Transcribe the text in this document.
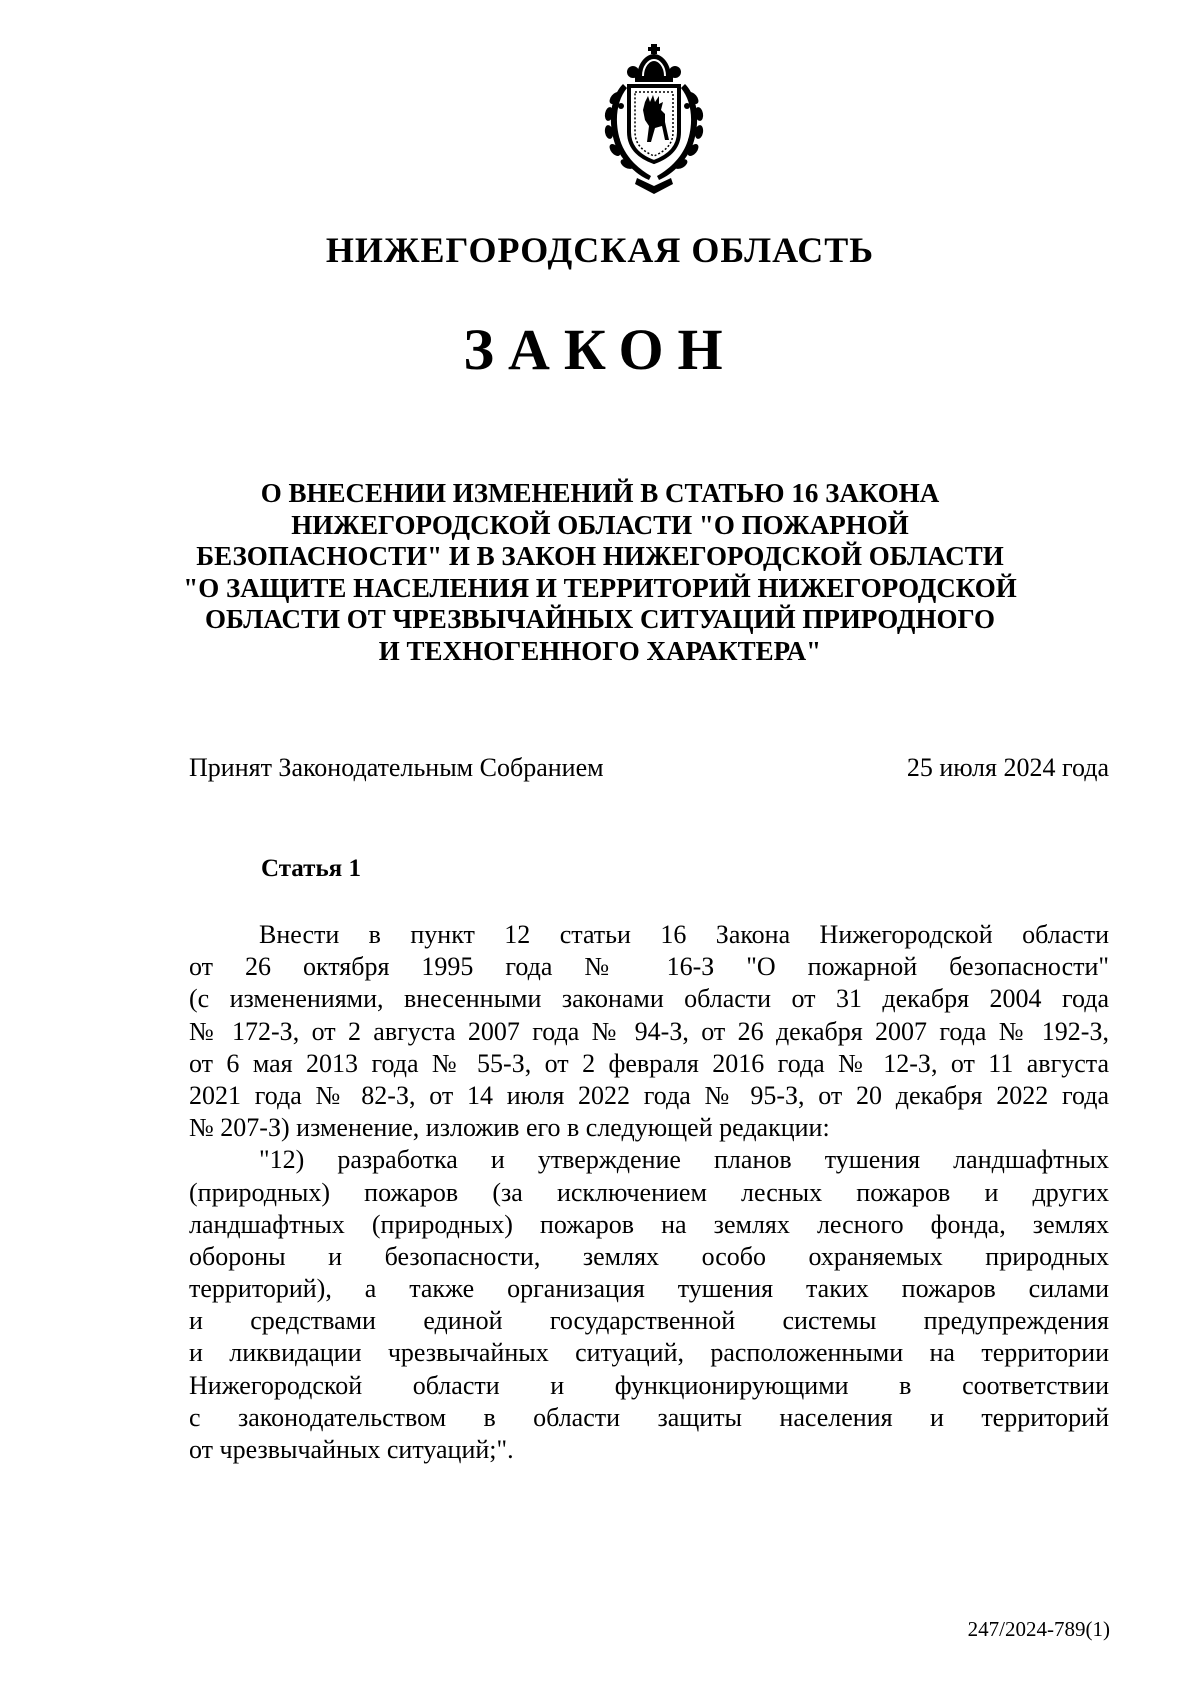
НИЖЕГОРОДСКАЯ ОБЛАСТЬ
ЗАКОН
О ВНЕСЕНИИ ИЗМЕНЕНИЙ В СТАТЬЮ 16 ЗАКОНА
НИЖЕГОРОДСКОЙ ОБЛАСТИ "О ПОЖАРНОЙ
БЕЗОПАСНОСТИ" И В ЗАКОН НИЖЕГОРОДСКОЙ ОБЛАСТИ
"О ЗАЩИТЕ НАСЕЛЕНИЯ И ТЕРРИТОРИЙ НИЖЕГОРОДСКОЙ
ОБЛАСТИ ОТ ЧРЕЗВЫЧАЙНЫХ СИТУАЦИЙ ПРИРОДНОГО
И ТЕХНОГЕННОГО ХАРАКТЕРА"
Принят Законодательным Собранием	25 июля 2024 года
Статья 1
Внести в пункт 12 статьи 16 Закона Нижегородской области
от 26 октября 1995 года № 16-З "О пожарной безопасности"
(с изменениями, внесенными законами области от 31 декабря 2004 года
№ 172-З, от 2 августа 2007 года № 94-З, от 26 декабря 2007 года № 192-З,
от 6 мая 2013 года № 55-З, от 2 февраля 2016 года № 12-З, от 11 августа
2021 года № 82-З, от 14 июля 2022 года № 95-З, от 20 декабря 2022 года
№ 207-З) изменение, изложив его в следующей редакции:
"12) разработка и утверждение планов тушения ландшафтных
(природных) пожаров (за исключением лесных пожаров и других
ландшафтных (природных) пожаров на землях лесного фонда, землях
обороны и безопасности, землях особо охраняемых природных
территорий), а также организация тушения таких пожаров силами
и средствами единой государственной системы предупреждения
и ликвидации чрезвычайных ситуаций, расположенными на территории
Нижегородской области и функционирующими в соответствии
с законодательством в области защиты населения и территорий
от чрезвычайных ситуаций;".
247/2024-789(1)
